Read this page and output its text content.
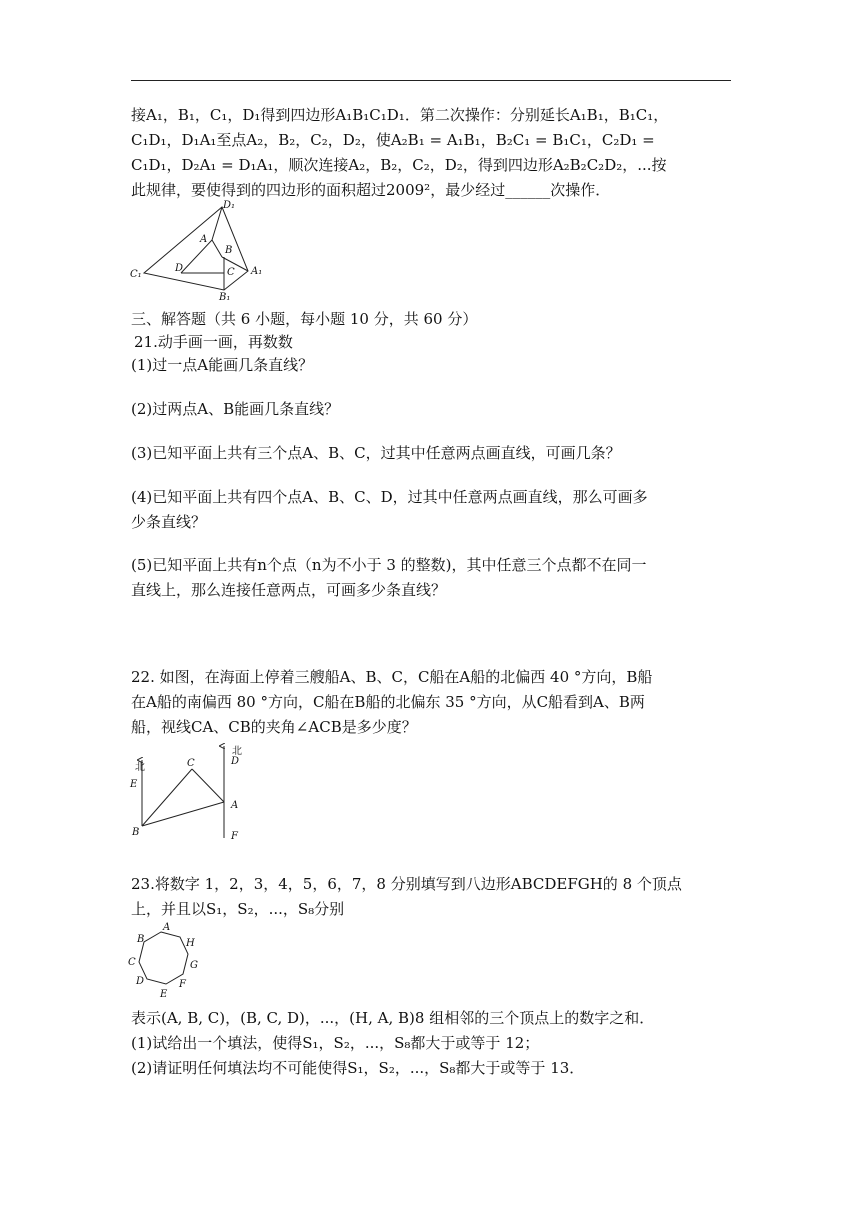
接A₁，B₁，C₁，D₁得到四边形A₁B₁C₁D₁．第二次操作：分别延长A₁B₁，B₁C₁，
C₁D₁，D₁A₁至点A₂，B₂，C₂，D₂，使A₂B₁ = A₁B₁，B₂C₁ = B₁C₁，C₂D₁ =
C₁D₁，D₂A₁ = D₁A₁，顺次连接A₂，B₂，C₂，D₂，得到四边形A₂B₂C₂D₂，...按
此规律，要使得到的四边形的面积超过2009²，最少经过______次操作．
D₁
A
B
C₁
D	C A₁
B₁
三、解答题（共 6 小题，每小题 10 分，共 60 分）
21.动手画一画，再数数
(1)过一点A能画几条直线？
(2)过两点A、B能画几条直线？
(3)已知平面上共有三个点A、B、C，过其中任意两点画直线，可画几条？
(4)已知平面上共有四个点A、B、C、D，过其中任意两点画直线，那么可画多
少条直线？
(5)已知平面上共有n个点（n为不小于 3 的整数)，其中任意三个点都不在同一
直线上，那么连接任意两点，可画多少条直线？
22. 如图，在海面上停着三艘船A、B、C，C船在A船的北偏西 40 °方向，B船
在A船的南偏西 80 °方向，C船在B船的北偏东 35 °方向，从C船看到A、B两
船，视线CA、CB的夹角∠ACB是多少度？
北
北
E
C	D
A
B	F
23.将数字 1，2，3，4，5，6，7，8 分别填写到八边形ABCDEFGH的 8 个顶点
上，并且以S₁，S₂，...，S₈分别
A
B	H
C	G
D	F
E
表示(A, B, C)，(B, C, D)，...，(H, A, B)8 组相邻的三个顶点上的数字之和．
(1)试给出一个填法，使得S₁，S₂，...，S₈都大于或等于 12；
(2)请证明任何填法均不可能使得S₁，S₂，...，S₈都大于或等于 13．
